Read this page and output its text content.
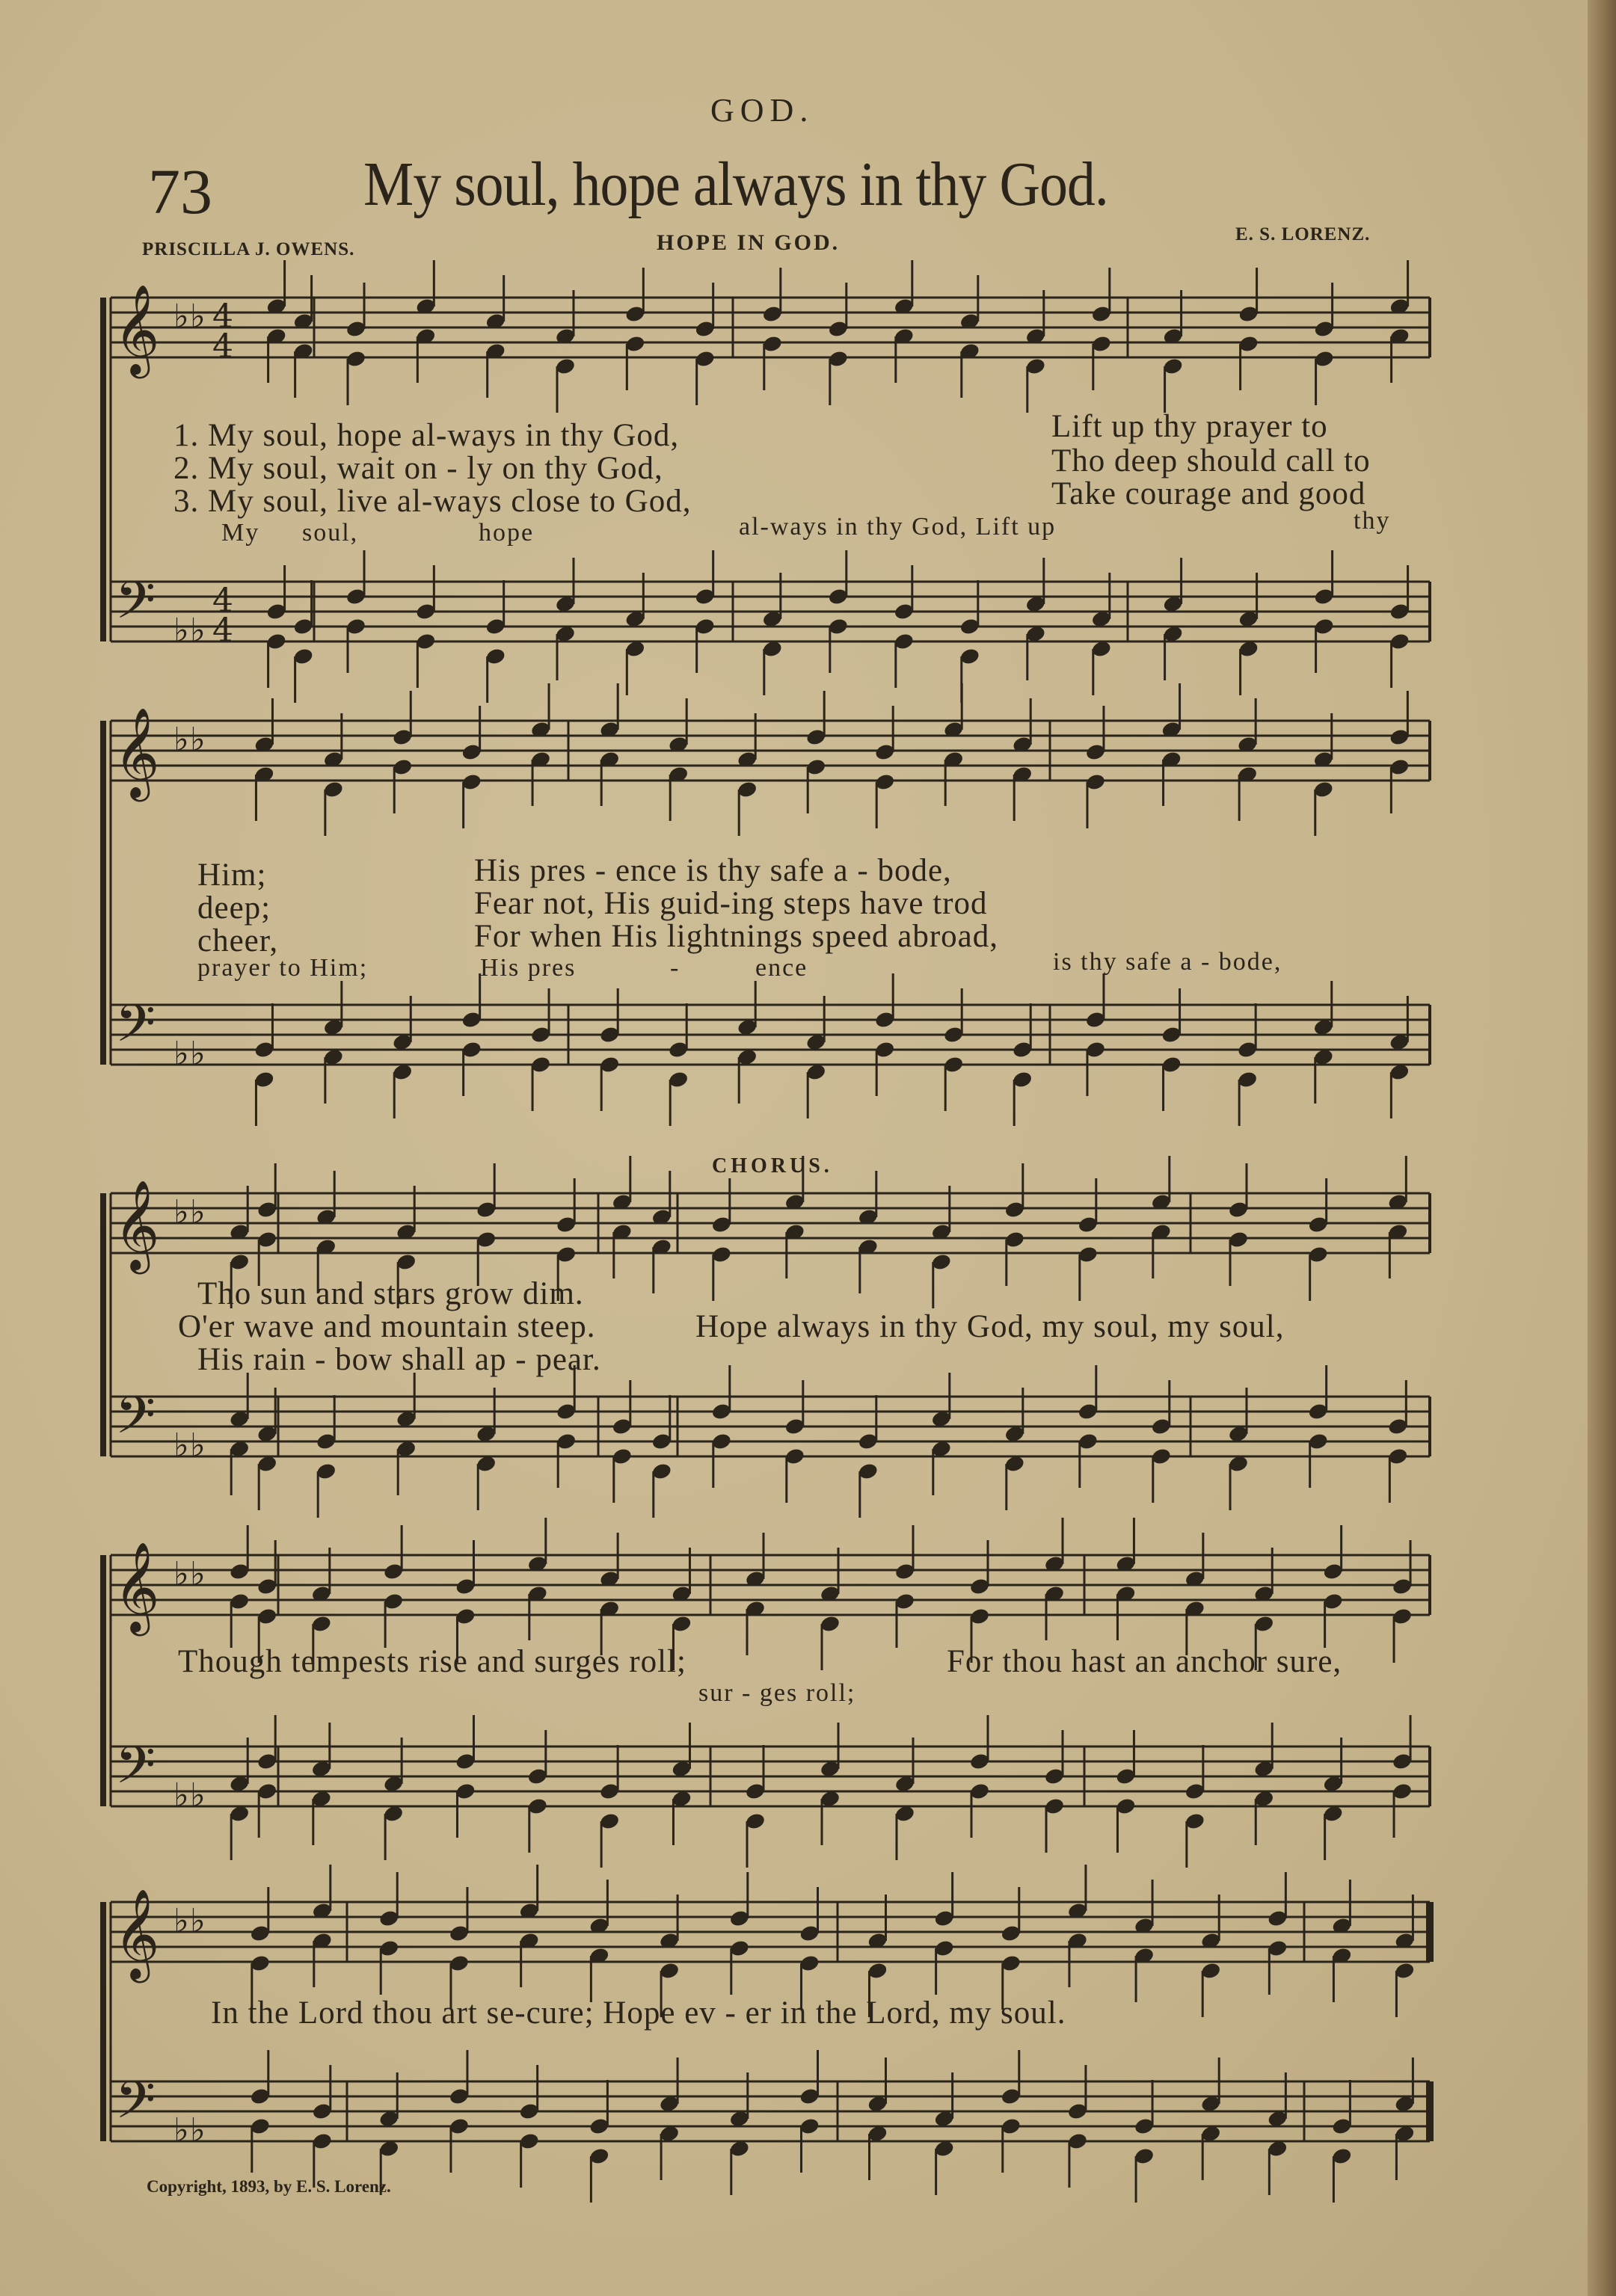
GOD.
73 My soul, hope always in thy God.
PRISCILLA J. OWENS.	HOPE IN GOD.	E. S. LORENZ.
𝄞 ♭ ♭ 4
4
𝄢 ♭ ♭
4
4
𝄞 ♭ ♭
𝄢 ♭ ♭
𝄞 ♭ ♭
𝄢 ♭ ♭
𝄞 ♭ ♭
𝄢 ♭ ♭
𝄞 ♭ ♭
𝄢 ♭ ♭
1. My soul, hope al-ways in thy God,	Lift up thy prayer to
2. My soul, wait on - ly on thy God,	Tho deep should call to
3. My soul, live al-ways close to God,	Take courage and good
My soul,	hope	al-ways in thy God, Lift up	thy
Him;	His pres - ence is thy safe a - bode,
deep;	Fear not, His guid-ing steps have trod
cheer,	For when His lightnings speed abroad,
prayer to Him;	His pres	-	ence	is thy safe a - bode,
CHORUS.
Tho sun and stars grow dim.
O'er wave and mountain steep.	Hope always in thy God, my soul, my soul,
His rain - bow shall ap - pear.
Though tempests rise and surges roll;	For thou hast an anchor sure,
sur - ges roll;
In the Lord thou art se-cure; Hope ev - er in the Lord, my soul.
Copyright, 1893, by E. S. Lorenz.
